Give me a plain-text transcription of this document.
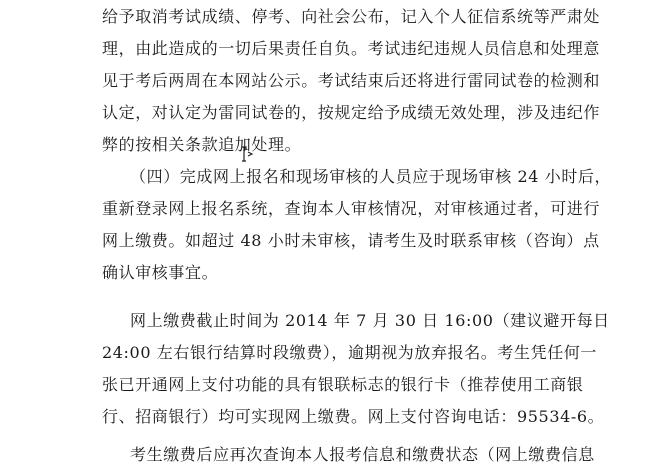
给予取消考试成绩、停考、向社会公布，记入个人征信系统等严肃处
理，由此造成的一切后果责任自负。考试违纪违规人员信息和处理意
见于考后两周在本网站公示。考试结束后还将进行雷同试卷的检测和
认定，对认定为雷同试卷的，按规定给予成绩无效处理，涉及违纪作
弊的按相关条款追加处理。
（四）完成网上报名和现场审核的人员应于现场审核 24 小时后，
重新登录网上报名系统，查询本人审核情况，对审核通过者，可进行
网上缴费。如超过 48 小时未审核，请考生及时联系审核（咨询）点
确认审核事宜。
网上缴费截止时间为 2014 年 7 月 30 日 16:00（建议避开每日
24:00 左右银行结算时段缴费），逾期视为放弃报名。考生凭任何一
张已开通网上支付功能的具有银联标志的银行卡（推荐使用工商银
行、招商银行）均可实现网上缴费。网上支付咨询电话：95534-6。
考生缴费后应再次查询本人报考信息和缴费状态（网上缴费信息
